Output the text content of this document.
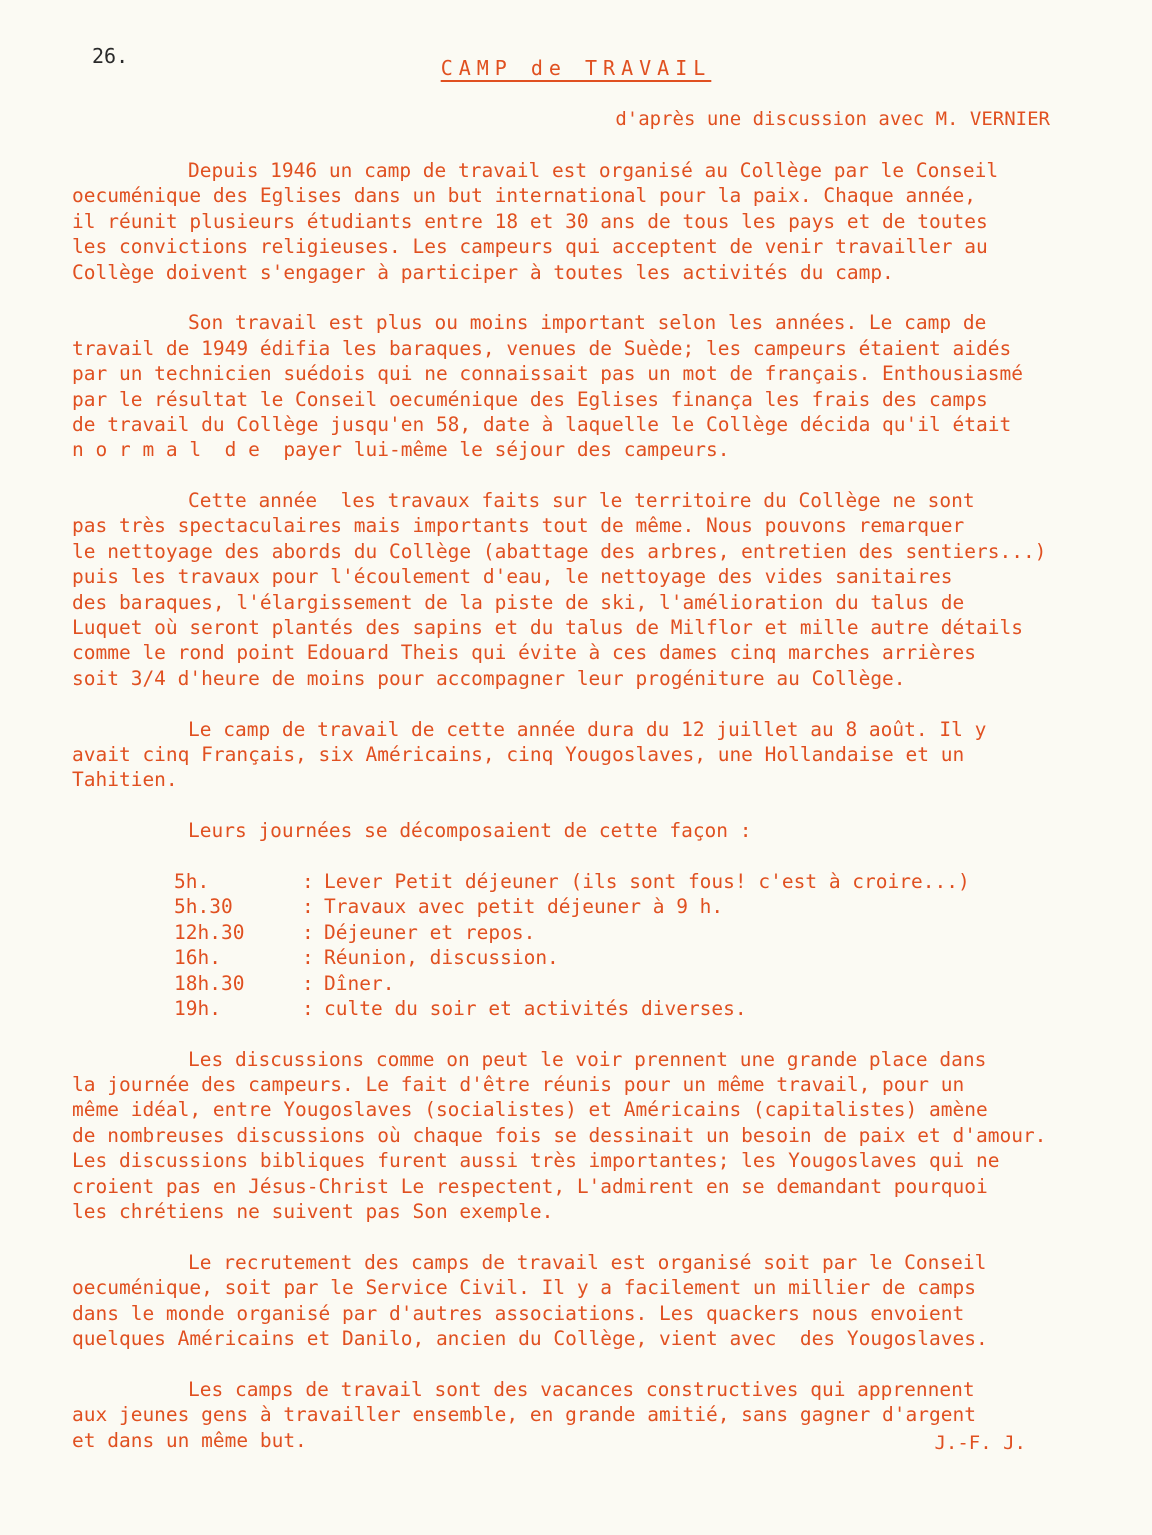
26.	CAMP de TRAVAIL
d'après une discussion avec M. VERNIER
Depuis 1946 un camp de travail est organisé au Collège par le Conseil
oecuménique des Eglises dans un but international pour la paix. Chaque année,
il réunit plusieurs étudiants entre 18 et 30 ans de tous les pays et de toutes
les convictions religieuses. Les campeurs qui acceptent de venir travailler au
Collège doivent s'engager à participer à toutes les activités du camp.
Son travail est plus ou moins important selon les années. Le camp de
travail de 1949 édifia les baraques, venues de Suède; les campeurs étaient aidés
par un technicien suédois qui ne connaissait pas un mot de français. Enthousiasmé
par le résultat le Conseil oecuménique des Eglises finança les frais des camps
de travail du Collège jusqu'en 58, date à laquelle le Collège décida qu'il était
n o r m a l  d e  payer lui-même le séjour des campeurs.
Cette année  les travaux faits sur le territoire du Collège ne sont
pas très spectaculaires mais importants tout de même. Nous pouvons remarquer
le nettoyage des abords du Collège (abattage des arbres, entretien des sentiers...)
puis les travaux pour l'écoulement d'eau, le nettoyage des vides sanitaires
des baraques, l'élargissement de la piste de ski, l'amélioration du talus de
Luquet où seront plantés des sapins et du talus de Milflor et mille autre détails
comme le rond point Edouard Theis qui évite à ces dames cinq marches arrières
soit 3/4 d'heure de moins pour accompagner leur progéniture au Collège.
Le camp de travail de cette année dura du 12 juillet au 8 août. Il y
avait cinq Français, six Américains, cinq Yougoslaves, une Hollandaise et un
Tahitien.
Leurs journées se décomposaient de cette façon :
5h.	: Lever Petit déjeuner (ils sont fous! c'est à croire...)
5h.30	: Travaux avec petit déjeuner à 9 h.
12h.30	: Déjeuner et repos.
16h.	: Réunion, discussion.
18h.30	: Dîner.
19h.	: culte du soir et activités diverses.
Les discussions comme on peut le voir prennent une grande place dans
la journée des campeurs. Le fait d'être réunis pour un même travail, pour un
même idéal, entre Yougoslaves (socialistes) et Américains (capitalistes) amène
de nombreuses discussions où chaque fois se dessinait un besoin de paix et d'amour.
Les discussions bibliques furent aussi très importantes; les Yougoslaves qui ne
croient pas en Jésus-Christ Le respectent, L'admirent en se demandant pourquoi
les chrétiens ne suivent pas Son exemple.
Le recrutement des camps de travail est organisé soit par le Conseil
oecuménique, soit par le Service Civil. Il y a facilement un millier de camps
dans le monde organisé par d'autres associations. Les quackers nous envoient
quelques Américains et Danilo, ancien du Collège, vient avec  des Yougoslaves.
Les camps de travail sont des vacances constructives qui apprennent
aux jeunes gens à travailler ensemble, en grande amitié, sans gagner d'argent
et dans un même but.	J.-F. J.
